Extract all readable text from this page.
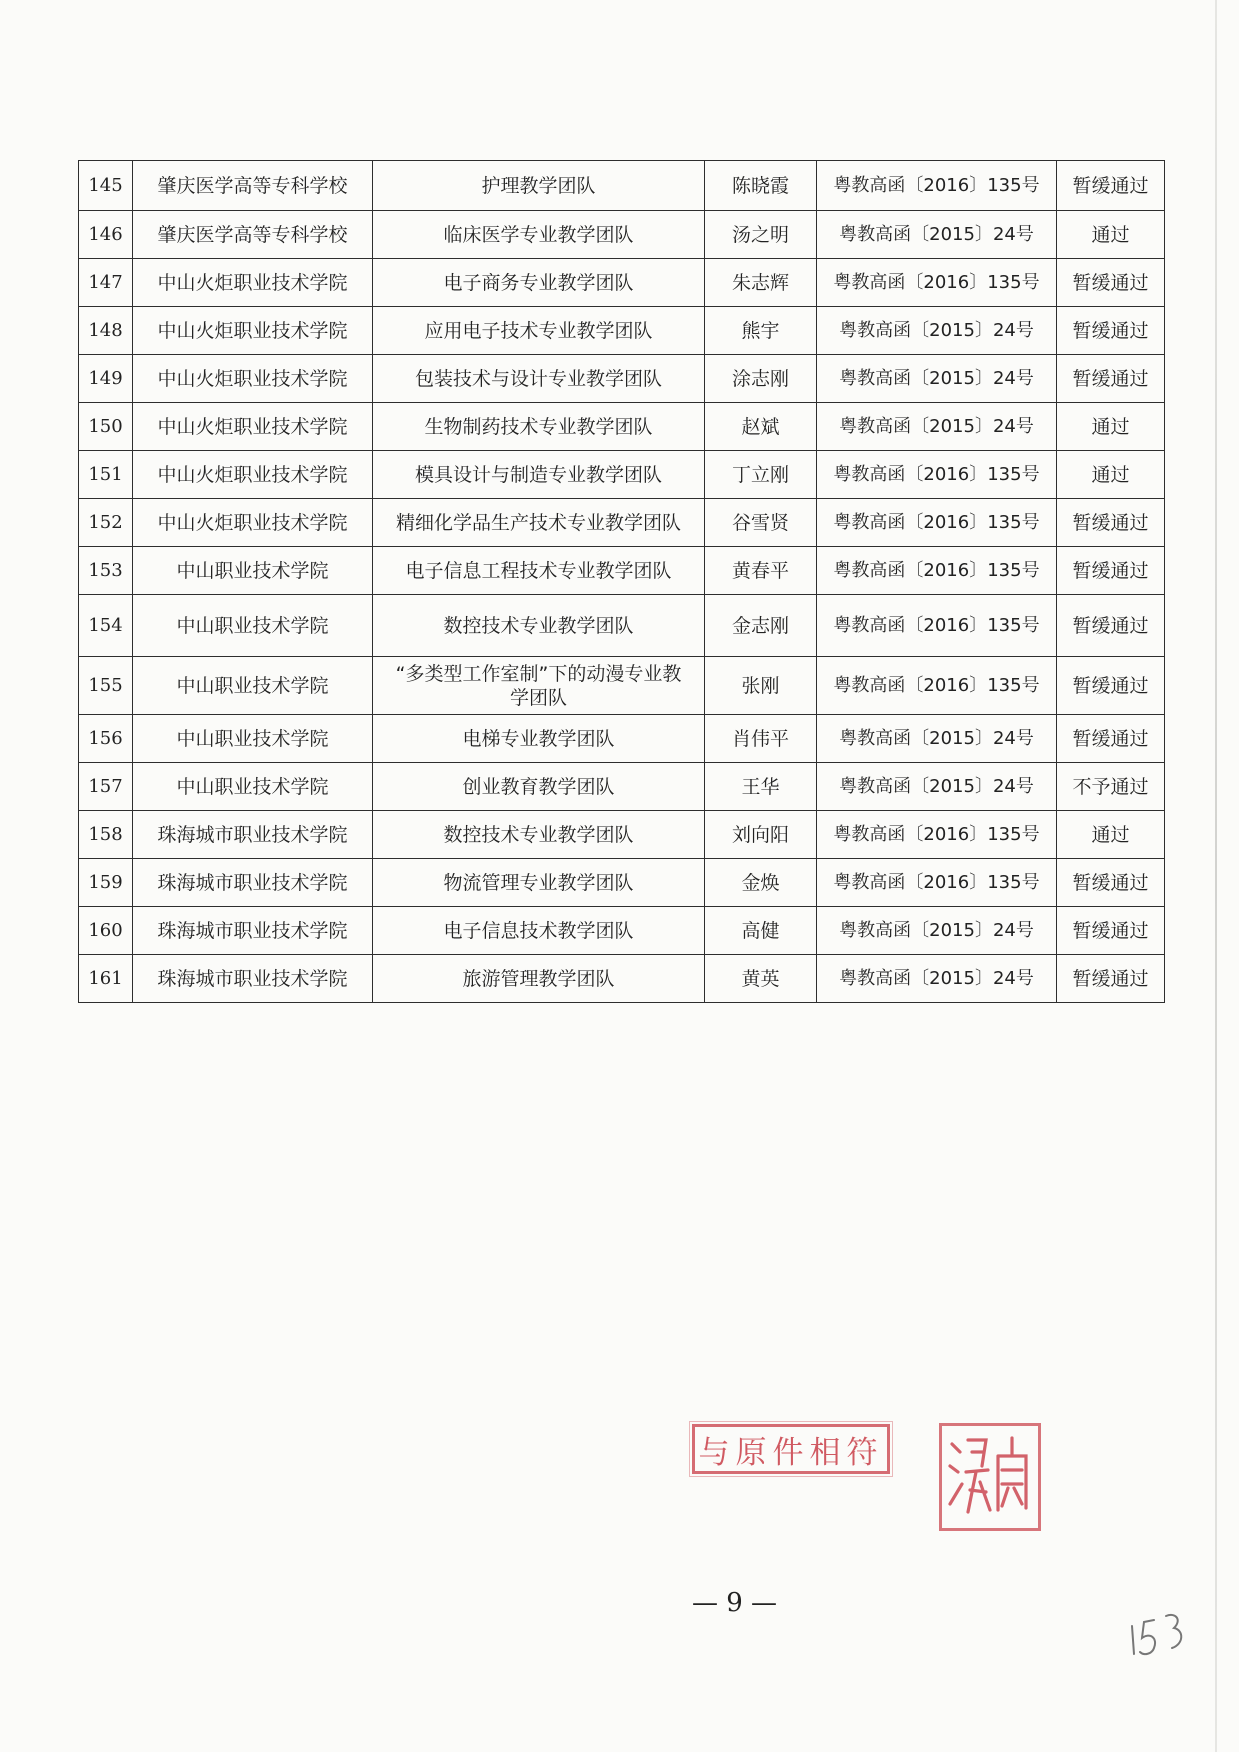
145	肇庆医学高等专科学校	护理教学团队	陈晓霞	粤教高函〔2016〕135号	暂缓通过
146	肇庆医学高等专科学校	临床医学专业教学团队	汤之明	粤教高函〔2015〕24号	通过
147	中山火炬职业技术学院	电子商务专业教学团队	朱志辉	粤教高函〔2016〕135号	暂缓通过
148	中山火炬职业技术学院	应用电子技术专业教学团队	熊宇	粤教高函〔2015〕24号	暂缓通过
149	中山火炬职业技术学院	包装技术与设计专业教学团队	涂志刚	粤教高函〔2015〕24号	暂缓通过
150	中山火炬职业技术学院	生物制药技术专业教学团队	赵斌	粤教高函〔2015〕24号	通过
151	中山火炬职业技术学院	模具设计与制造专业教学团队	丁立刚	粤教高函〔2016〕135号	通过
152	中山火炬职业技术学院	精细化学品生产技术专业教学团队	谷雪贤	粤教高函〔2016〕135号	暂缓通过
153	中山职业技术学院	电子信息工程技术专业教学团队	黄春平	粤教高函〔2016〕135号	暂缓通过
154	中山职业技术学院	数控技术专业教学团队	金志刚	粤教高函〔2016〕135号	暂缓通过
155	中山职业技术学院	“多类型工作室制”下的动漫专业教学团队	张刚	粤教高函〔2016〕135号	暂缓通过
156	中山职业技术学院	电梯专业教学团队	肖伟平	粤教高函〔2015〕24号	暂缓通过
157	中山职业技术学院	创业教育教学团队	王华	粤教高函〔2015〕24号	不予通过
158	珠海城市职业技术学院	数控技术专业教学团队	刘向阳	粤教高函〔2016〕135号	通过
159	珠海城市职业技术学院	物流管理专业教学团队	金焕	粤教高函〔2016〕135号	暂缓通过
160	珠海城市职业技术学院	电子信息技术教学团队	高健	粤教高函〔2015〕24号	暂缓通过
161	珠海城市职业技术学院	旅游管理教学团队	黄英	粤教高函〔2015〕24号	暂缓通过
与原件相符
— 9 —
